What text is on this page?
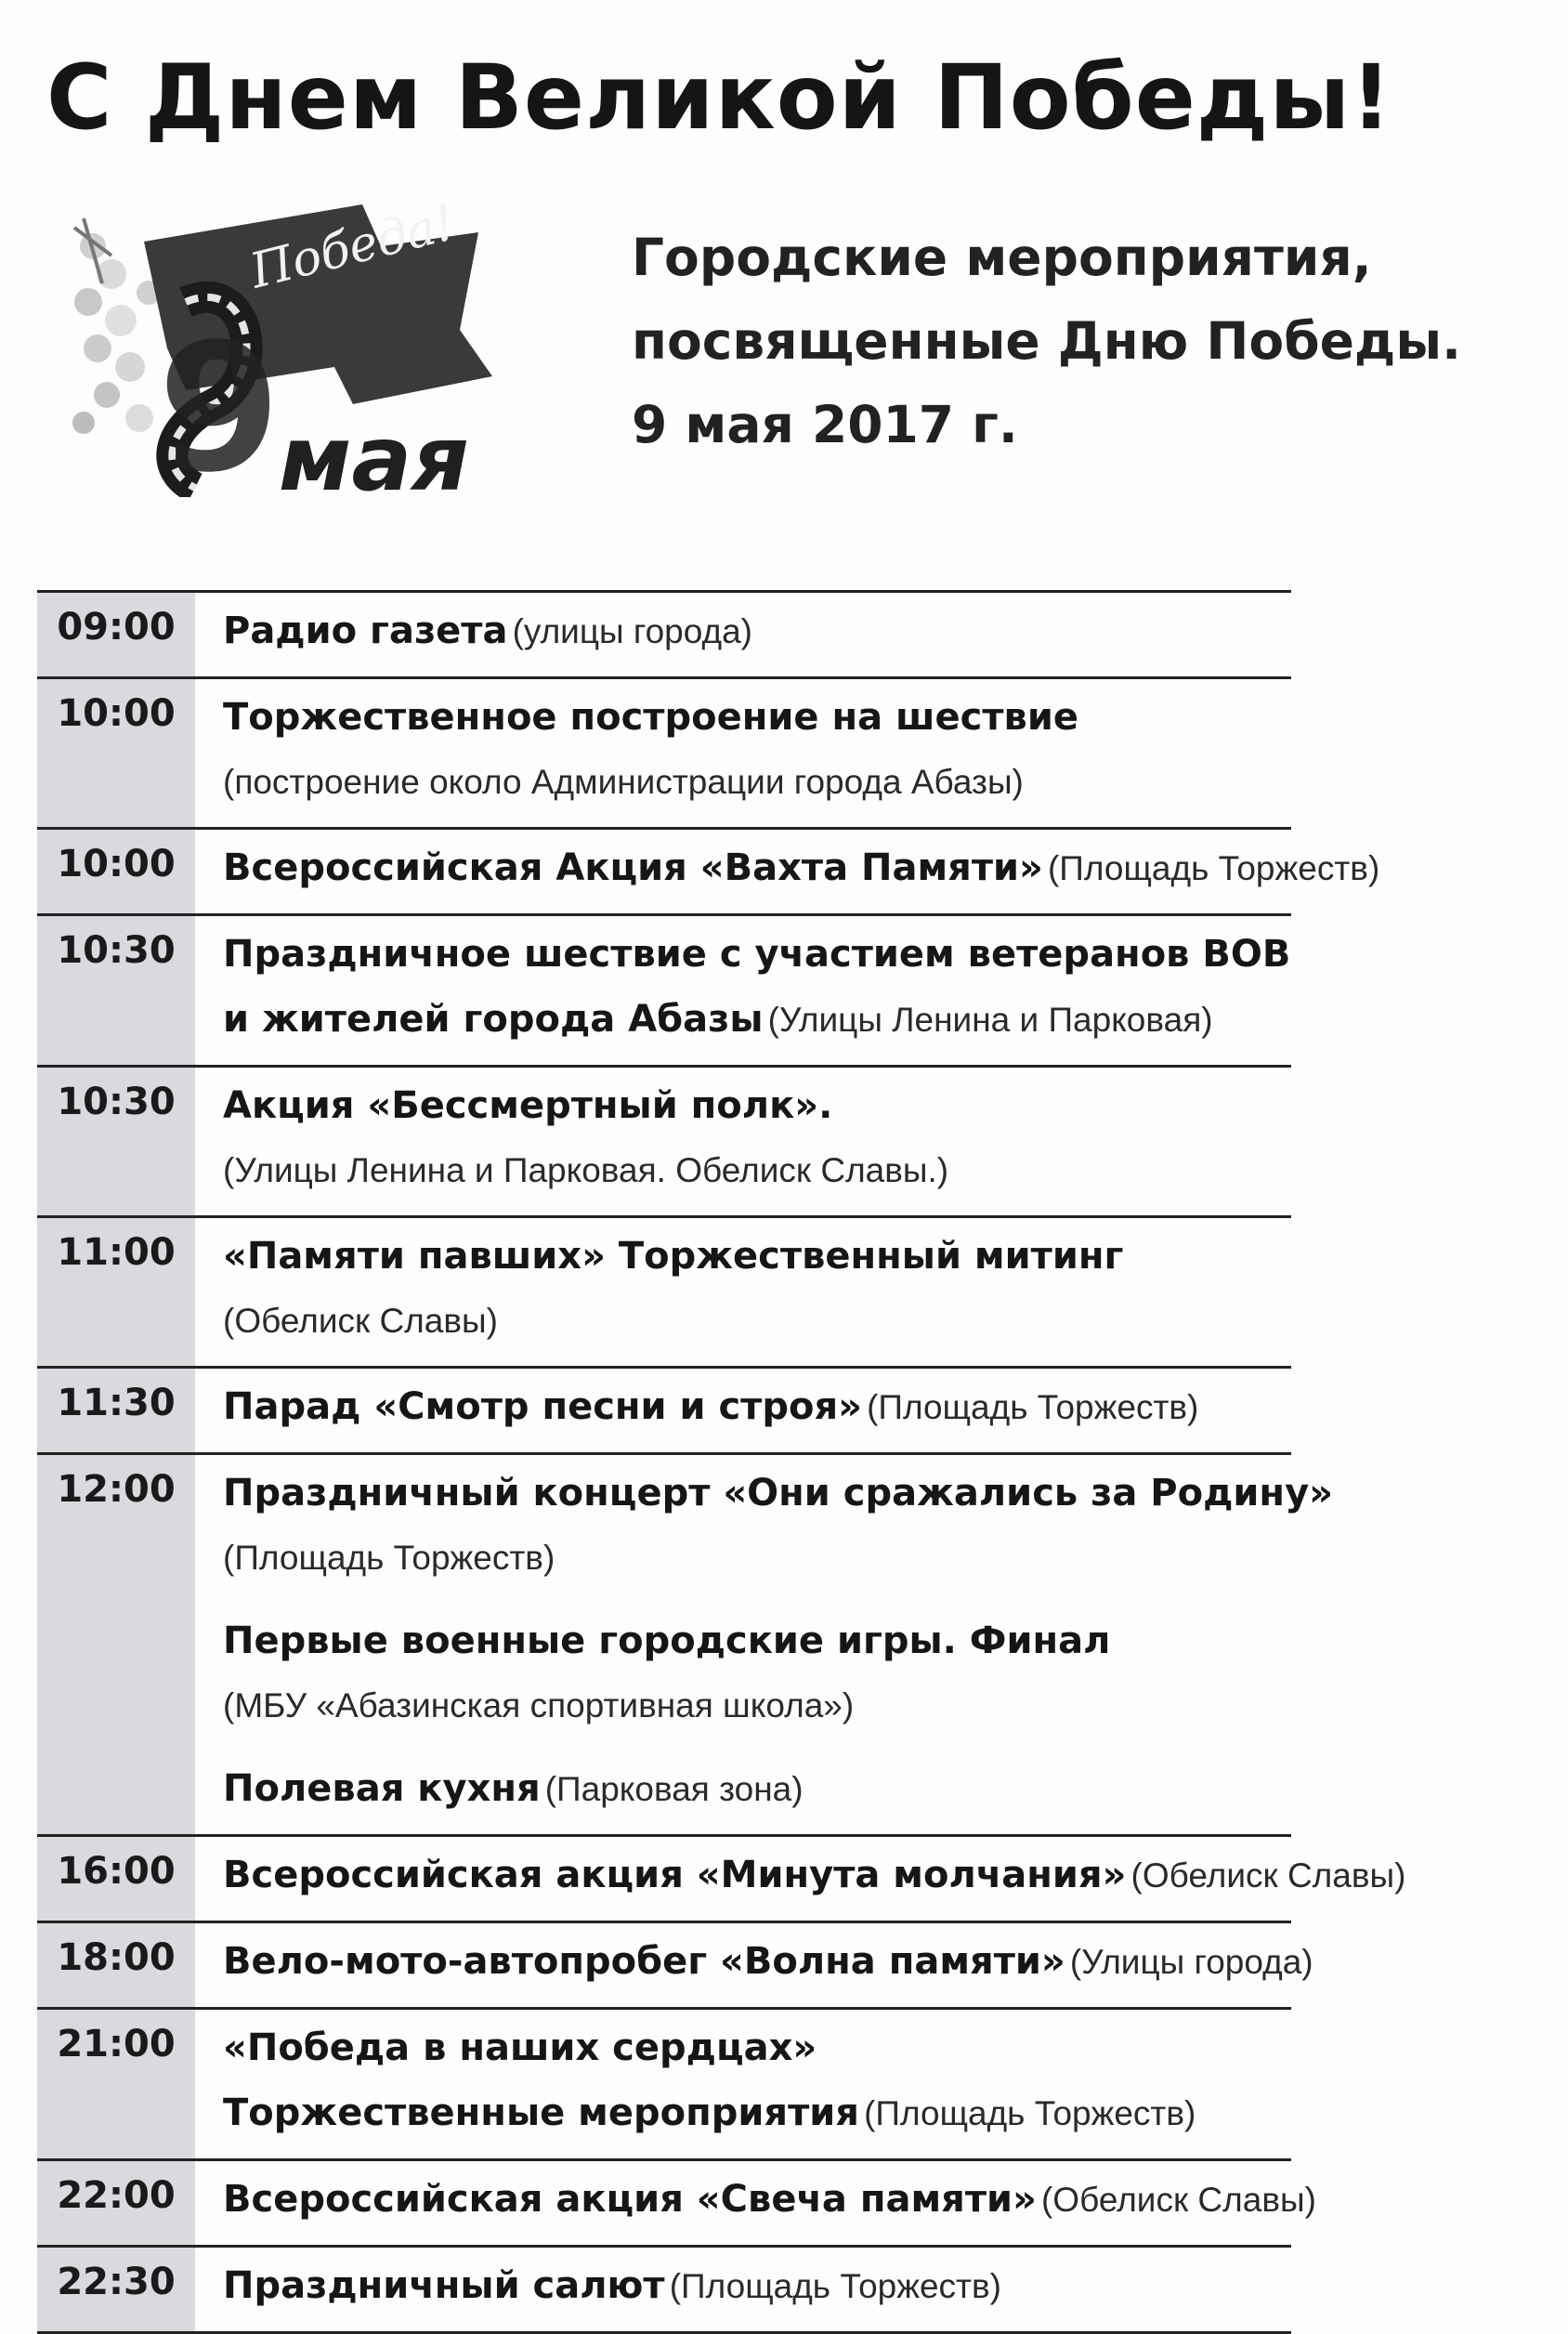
С Днем Великой Победы!
Победа!
9
мая
Городские мероприятия,
посвященные Дню Победы.
9 мая 2017 г.
09:00	Радио газета (улицы города)
10:00	Торжественное построение на шествие
(построение около Администрации города Абазы)
10:00	Всероссийская Акция «Вахта Памяти» (Площадь Торжеств)
10:30	Праздничное шествие с участием ветеранов ВОВ
и жителей города Абазы (Улицы Ленина и Парковая)
10:30	Акция «Бессмертный полк».
(Улицы Ленина и Парковая. Обелиск Славы.)
11:00	«Памяти павших» Торжественный митинг
(Обелиск Славы)
11:30	Парад «Смотр песни и строя» (Площадь Торжеств)
12:00	Праздничный концерт «Они сражались за Родину»
(Площадь Торжеств)
Первые военные городские игры. Финал
(МБУ «Абазинская спортивная школа»)
Полевая кухня (Парковая зона)
16:00	Всероссийская акция «Минута молчания» (Обелиск Славы)
18:00	Вело-мото-автопробег «Волна памяти» (Улицы города)
21:00	«Победа в наших сердцах»
Торжественные мероприятия (Площадь Торжеств)
22:00	Всероссийская акция «Свеча памяти» (Обелиск Славы)
22:30	Праздничный салют (Площадь Торжеств)
